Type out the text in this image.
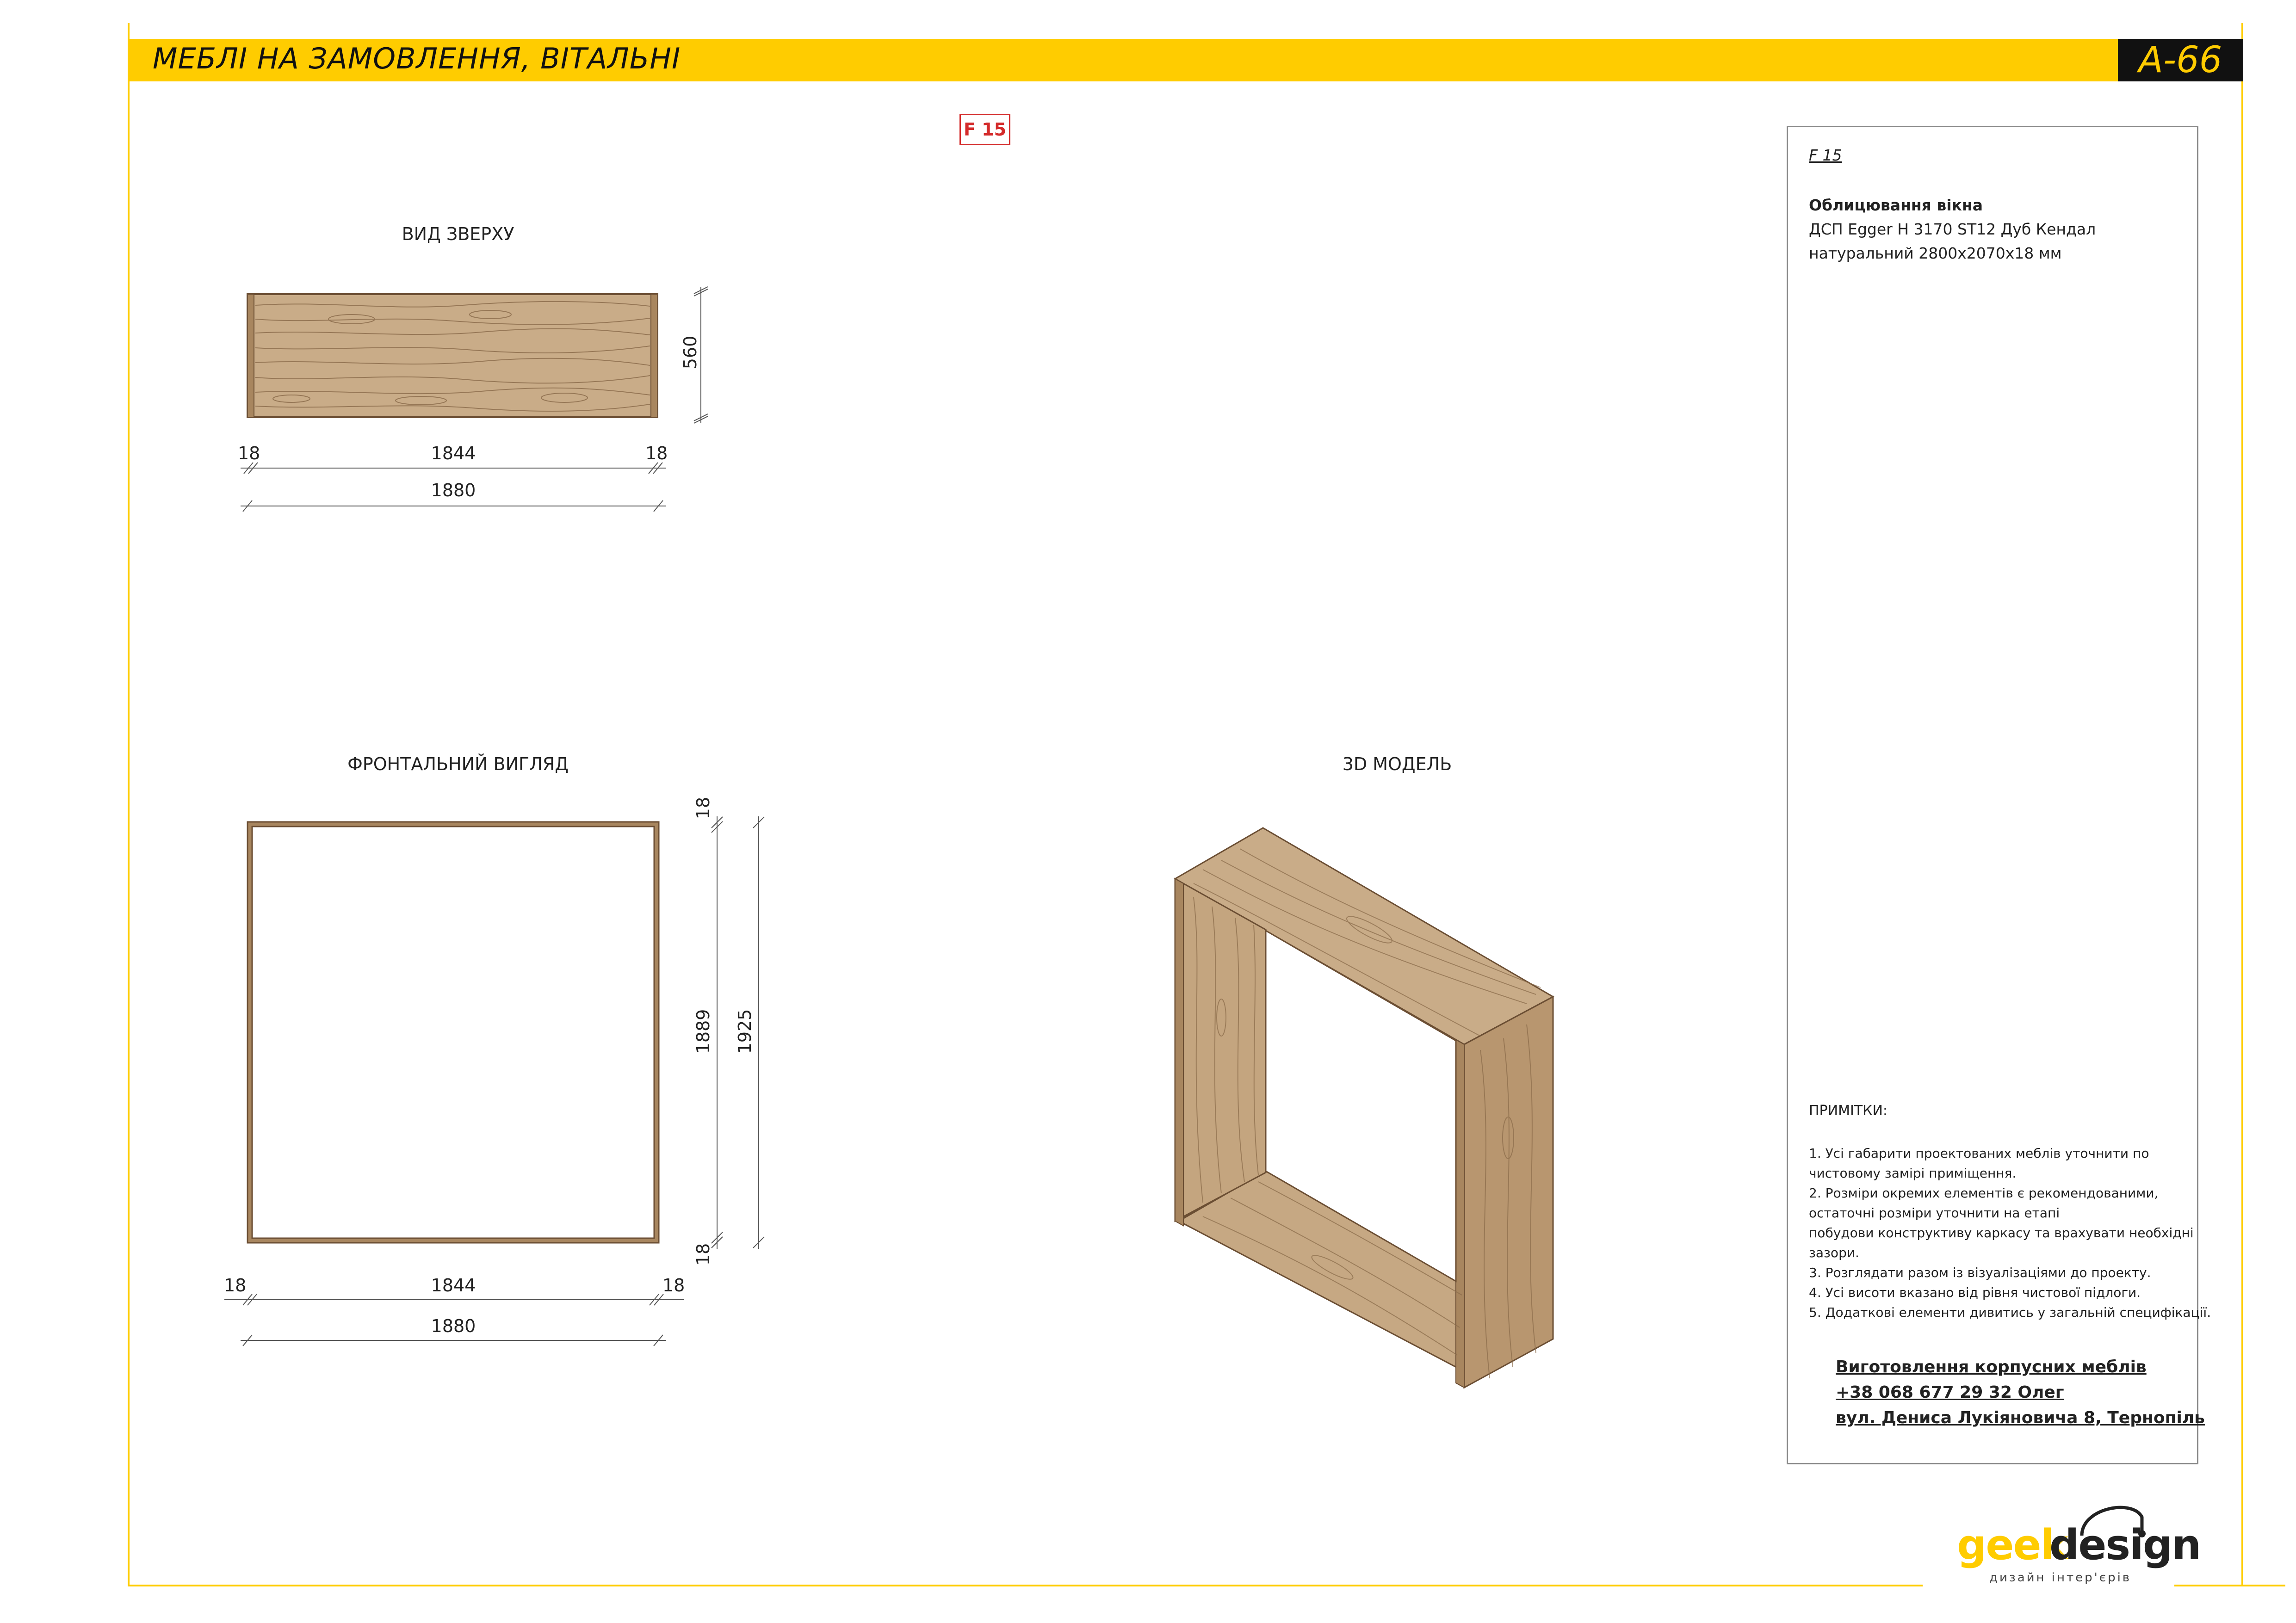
МЕБЛІ НА ЗАМОВЛЕННЯ, ВІТАЛЬНІ	A-66
F 15
ВИД ЗВЕРХУ
ФРОНТАЛЬНИЙ ВИГЛЯД	3D МОДЕЛЬ
560
18	1844	18
1880
18
1889
18
1925
18	1844	18
1880
F 15
Облицювання вікна
ДСП Egger H 3170 ST12 Дуб Кендал
натуральний 2800x2070x18 мм
ПРИМІТКИ:
1. Усі габарити проектованих меблів уточнити по
чистовому замірі приміщення.
2. Розміри окремих елементів є рекомендованими,
остаточні розміри уточнити на етапі
побудови конструктиву каркасу та врахувати необхідні
зазори.
3. Розглядати разом із візуалізаціями до проекту.
4. Усі висоти вказано від рівня чистової підлоги.
5. Додаткові елементи дивитись у загальній специфікації.
Виготовлення корпусних меблів
+38 068 677 29 32 Олег
вул. Дениса Лукіяновича 8, Тернопіль
geek
design
дизайн інтер'єрів
